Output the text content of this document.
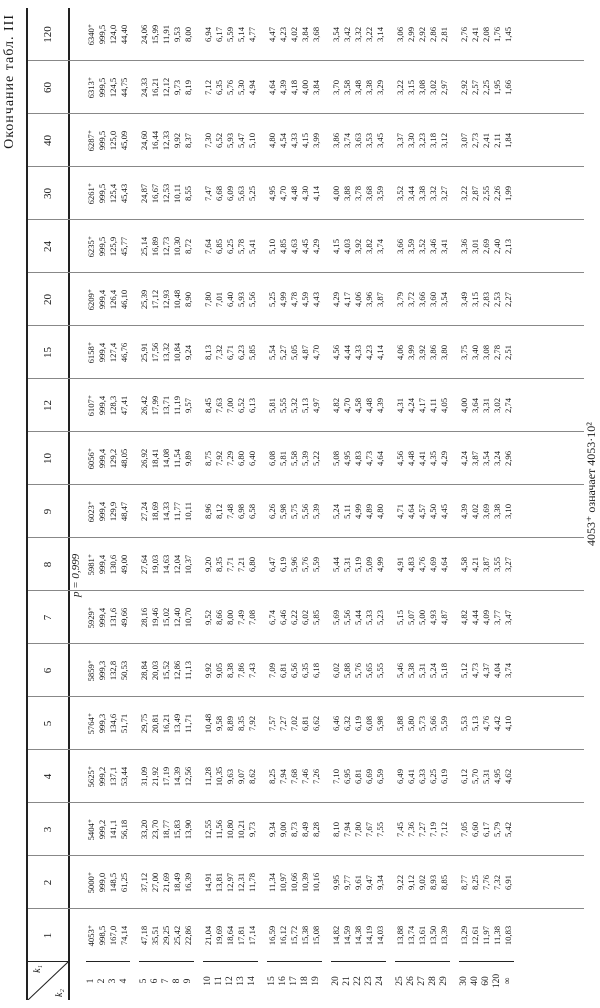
Окончание табл. III
k₁
k₂
1
2
3
4
5
6
7
8
9
10
12
15
20
24
30
40
60
120
p = 0,999
1 2 3 4
4053⁺ 998,5 167,0 74,14
5000⁺ 999,0 148,5 61,25
5404⁺ 999,2 141,1 56,18
5625⁺ 999,2 137,1 53,44
5764⁺ 999,3 134,6 51,71
5859⁺ 999,3 132,8 50,53
5929⁺ 999,4 131,6 49,66
5981⁺ 999,4 130,6 49,00
6023⁺ 999,4 129,9 48,47
6056⁺ 999,4 129,2 48,05
6107⁺ 999,4 128,3 47,41
6158⁺ 999,4 127,4 46,76
6209⁺ 999,4 126,4 46,10
6235⁺ 999,5 125,9 45,77
6261⁺ 999,5 125,4 45,43
6287⁺ 999,5 125,0 45,09
6313⁺ 999,5 124,5 44,75
6340⁺ 999,5 124,0 44,40
5 6 7 8 9
47,18 35,51 29,25 25,42 22,86
37,12 27,00 21,69 18,49 16,39
33,20 23,70 18,77 15,83 13,90
31,09 21,92 17,19 14,39 12,56
29,75 20,81 16,21 13,49 11,71
28,84 20,03 15,52 12,86 11,13
28,16 19,46 15,02 12,40 10,70
27,64 19,03 14,63 12,04 10,37
27,24 18,69 14,33 11,77 10,11
26,92 18,41 14,08 11,54 9,89
26,42 17,99 13,71 11,19 9,57
25,91 17,56 13,32 10,84 9,24
25,39 17,12 12,93 10,48 8,90
25,14 16,89 12,73 10,30 8,72
24,87 16,67 12,53 10,11 8,55
24,60 16,44 12,33 9,92 8,37
24,33 16,21 12,12 9,73 8,19
24,06 15,99 11,91 9,53 8,00
10 11 12 13 14
21,04 19,69 18,64 17,81 17,14
14,91 13,81 12,97 12,31 11,78
12,55 11,56 10,80 10,21 9,73
11,28 10,35 9,63 9,07 8,62
10,48 9,58 8,89 8,35 7,92
9,92 9,05 8,38 7,86 7,43
9,52 8,66 8,00 7,49 7,08
9,20 8,35 7,71 7,21 6,80
8,96 8,12 7,48 6,98 6,58
8,75 7,92 7,29 6,80 6,40
8,45 7,63 7,00 6,52 6,13
8,13 7,32 6,71 6,23 5,85
7,80 7,01 6,40 5,93 5,56
7,64 6,85 6,25 5,78 5,41
7,47 6,68 6,09 5,63 5,25
7,30 6,52 5,93 5,47 5,10
7,12 6,35 5,76 5,30 4,94
6,94 6,17 5,59 5,14 4,77
15 16 17 18 19
16,59 16,12 15,72 15,38 15,08
11,34 10,97 10,66 10,39 10,16
9,34 9,00 8,73 8,49 8,28
8,25 7,94 7,68 7,46 7,26
7,57 7,27 7,02 6,81 6,62
7,09 6,81 6,56 6,35 6,18
6,74 6,46 6,22 6,02 5,85
6,47 6,19 5,96 5,76 5,59
6,26 5,98 5,75 5,56 5,39
6,08 5,81 5,58 5,39 5,22
5,81 5,55 5,32 5,13 4,97
5,54 5,27 5,05 4,87 4,70
5,25 4,99 4,78 4,59 4,43
5,10 4,85 4,63 4,45 4,29
4,95 4,70 4,48 4,30 4,14
4,80 4,54 4,33 4,15 3,99
4,64 4,39 4,18 4,00 3,84
4,47 4,23 4,02 3,84 3,68
20 21 22 23 24
14,82 14,59 14,38 14,19 14,03
9,95 9,77 9,61 9,47 9,34
8,10 7,94 7,80 7,67 7,55
7,10 6,95 6,81 6,69 6,59
6,46 6,32 6,19 6,08 5,98
6,02 5,88 5,76 5,65 5,55
5,69 5,56 5,44 5,33 5,23
5,44 5,31 5,19 5,09 4,99
5,24 5,11 4,99 4,89 4,80
5,08 4,95 4,83 4,73 4,64
4,82 4,70 4,58 4,48 4,39
4,56 4,44 4,33 4,23 4,14
4,29 4,17 4,06 3,96 3,87
4,15 4,03 3,92 3,82 3,74
4,00 3,88 3,78 3,68 3,59
3,86 3,74 3,63 3,53 3,45
3,70 3,58 3,48 3,38 3,29
3,54 3,42 3,32 3,22 3,14
25 26 27 28 29
13,88 13,74 13,61 13,50 13,39
9,22 9,12 9,02 8,93 8,85
7,45 7,36 7,27 7,19 7,12
6,49 6,41 6,33 6,25 6,19
5,88 5,80 5,73 5,66 5,59
5,46 5,38 5,31 5,24 5,18
5,15 5,07 5,00 4,93 4,87
4,91 4,83 4,76 4,69 4,64
4,71 4,64 4,57 4,50 4,45
4,56 4,48 4,41 4,35 4,29
4,31 4,24 4,17 4,11 4,05
4,06 3,99 3,92 3,86 3,80
3,79 3,72 3,66 3,60 3,54
3,66 3,59 3,52 3,46 3,41
3,52 3,44 3,38 3,32 3,27
3,37 3,30 3,23 3,18 3,12
3,22 3,15 3,08 3,02 2,97
3,06 2,99 2,92 2,86 2,81
30 40 60 120 ∞
13,29 12,61 11,97 11,38 10,83
8,77 8,25 7,76 7,32 6,91
7,05 6,60 6,17 5,79 5,42
6,12 5,70 5,31 4,95 4,62
5,53 5,13 4,76 4,42 4,10
5,12 4,73 4,37 4,04 3,74
4,82 4,44 4,09 3,77 3,47
4,58 4,21 3,87 3,55 3,27
4,39 4,02 3,69 3,38 3,10
4,24 3,87 3,54 3,24 2,96
4,00 3,64 3,31 3,02 2,74
3,75 3,40 3,08 2,78 2,51
3,49 3,15 2,83 2,53 2,27
3,36 3,01 2,69 2,40 2,13
3,22 2,87 2,55 2,26 1,99
3,07 2,73 2,41 2,11 1,84
2,92 2,57 2,25 1,95 1,66
2,76 2,41 2,08 1,76 1,45
4053⁺ означает 4053·10²
